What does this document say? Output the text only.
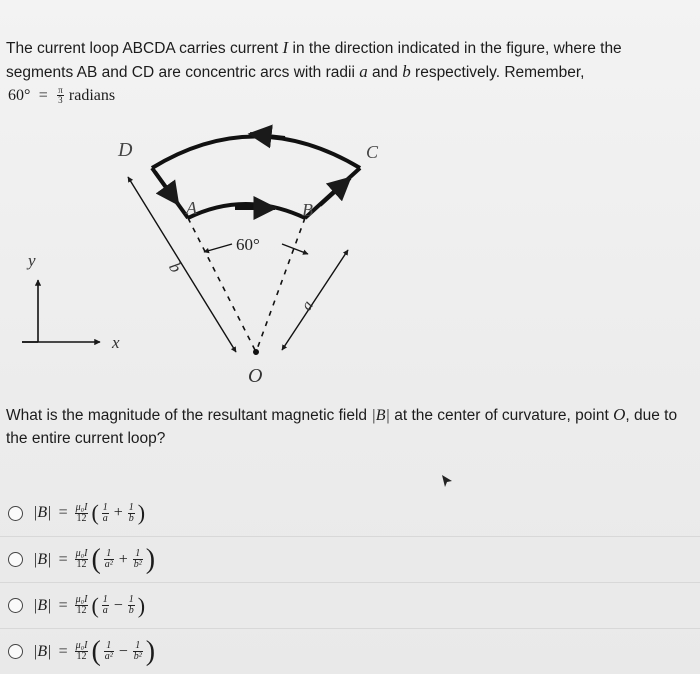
The current loop ABCDA carries current I in the direction indicated in the figure, where the
segments AB and CD are concentric arcs with radii a and b respectively. Remember,
$60^\circ = \frac{\pi}{3}$ radians
D	C
A	B
60°
b
a
O
y
x
What is the magnitude of the resultant magnetic field |B| at the center of curvature, point O, due to the entire current loop?
$|B| = \frac{\text{μ₀I}}{12}$ ( $\frac{1}{a} + \frac{1}{b}$ )
$|B| = \frac{\text{μ₀I}}{12}$ ( $\frac{1}{\text{a²}} + \frac{1}{\text{b²}}$ )
$|B| = \frac{\text{μ₀I}}{12}$ ( $\frac{1}{a} - \frac{1}{b}$ )
$|B| = \frac{\text{μ₀I}}{12}$ ( $\frac{1}{\text{a²}} - \frac{1}{\text{b²}}$ )
